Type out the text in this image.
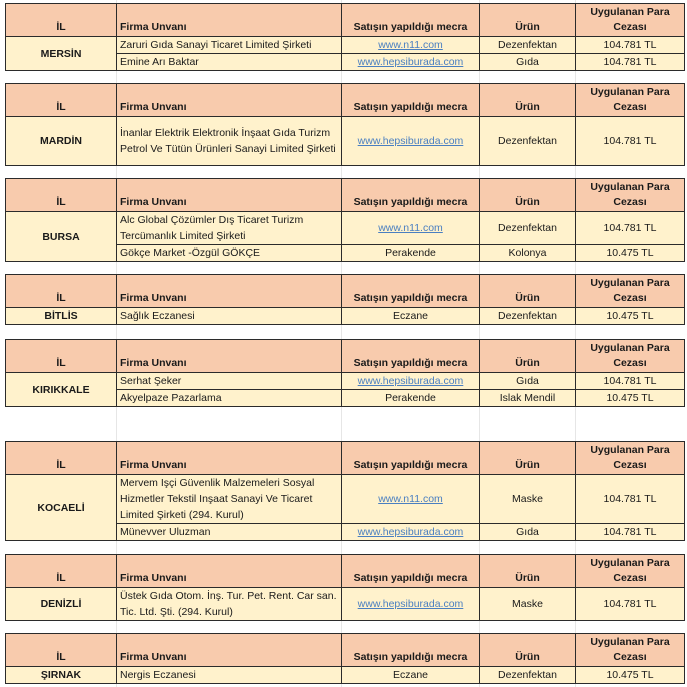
İL	Firma Unvanı	Satışın yapıldığı mecra	Ürün	Uygulanan Para Cezası
MERSİN	Zaruri Gıda Sanayi Ticaret Limited Şirketi	www.n11.com	Dezenfektan	104.781 TL
	Emine Arı Baktar	www.hepsiburada.com	Gıda	104.781 TL
İL	Firma Unvanı	Satışın yapıldığı mecra	Ürün	Uygulanan Para Cezası
MARDİN	İnanlar Elektrik Elektronik İnşaat Gıda Turizm Petrol Ve Tütün Ürünleri Sanayi Limited Şirketi	www.hepsiburada.com	Dezenfektan	104.781 TL
İL	Firma Unvanı	Satışın yapıldığı mecra	Ürün	Uygulanan Para Cezası
BURSA	Alc Global Çözümler Dış Ticaret Turizm Tercümanlık Limited Şirketi	www.n11.com	Dezenfektan	104.781 TL
	Gökçe Market -Özgül GÖKÇE	Perakende	Kolonya	10.475 TL
İL	Firma Unvanı	Satışın yapıldığı mecra	Ürün	Uygulanan Para Cezası
BİTLİS	Sağlık Eczanesi	Eczane	Dezenfektan	10.475 TL
İL	Firma Unvanı	Satışın yapıldığı mecra	Ürün	Uygulanan Para Cezası
KIRIKKALE	Serhat Şeker	www.hepsiburada.com	Gıda	104.781 TL
	Akyelpaze Pazarlama	Perakende	Islak Mendil	10.475 TL
İL	Firma Unvanı	Satışın yapıldığı mecra	Ürün	Uygulanan Para Cezası
KOCAELİ	Mervem Işçi Güvenlik Malzemeleri Sosyal Hizmetler Tekstil Inşaat Sanayi Ve Ticaret Limited Şirketi (294. Kurul)	www.n11.com	Maske	104.781 TL
	Münevver Uluzman	www.hepsiburada.com	Gıda	104.781 TL
İL	Firma Unvanı	Satışın yapıldığı mecra	Ürün	Uygulanan Para Cezası
DENİZLİ	Üstek Gıda Otom. İnş. Tur. Pet. Rent. Car san. Tic. Ltd. Şti. (294. Kurul)	www.hepsiburada.com	Maske	104.781 TL
İL	Firma Unvanı	Satışın yapıldığı mecra	Ürün	Uygulanan Para Cezası
ŞIRNAK	Nergis Eczanesi	Eczane	Dezenfektan	10.475 TL
